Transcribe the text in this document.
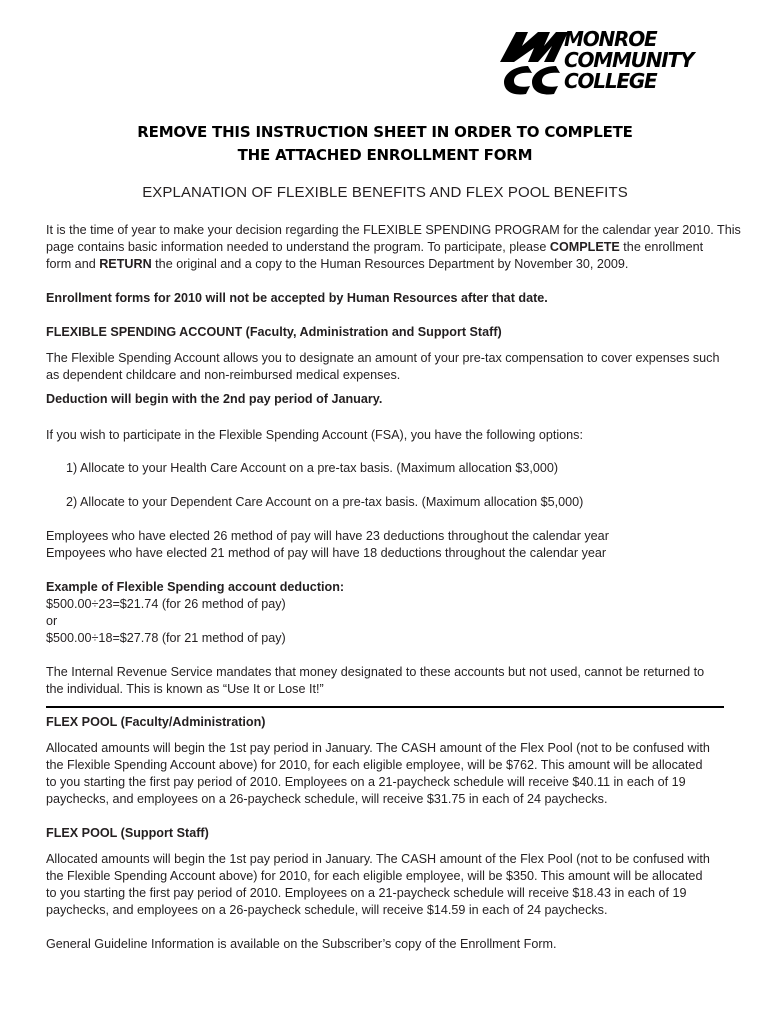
MONROE
COMMUNITY
COLLEGE
REMOVE THIS INSTRUCTION SHEET IN ORDER TO COMPLETE
THE ATTACHED ENROLLMENT FORM
EXPLANATION OF FLEXIBLE BENEFITS AND FLEX POOL BENEFITS
It is the time of year to make your decision regarding the FLEXIBLE SPENDING PROGRAM for the calendar year 2010. This
page contains basic information needed to understand the program. To participate, please COMPLETE the enrollment
form and RETURN the original and a copy to the Human Resources Department by November 30, 2009.
Enrollment forms for 2010 will not be accepted by Human Resources after that date.
FLEXIBLE SPENDING ACCOUNT (Faculty, Administration and Support Staff)
The Flexible Spending Account allows you to designate an amount of your pre-tax compensation to cover expenses such
as dependent childcare and non-reimbursed medical expenses.
Deduction will begin with the 2nd pay period of January.
If you wish to participate in the Flexible Spending Account (FSA), you have the following options:
1) Allocate to your Health Care Account on a pre-tax basis. (Maximum allocation $3,000)
2) Allocate to your Dependent Care Account on a pre-tax basis. (Maximum allocation $5,000)
Employees who have elected 26 method of pay will have 23 deductions throughout the calendar year
Empoyees who have elected 21 method of pay will have 18 deductions throughout the calendar year
Example of Flexible Spending account deduction:
$500.00÷23=$21.74 (for 26 method of pay)
or
$500.00÷18=$27.78 (for 21 method of pay)
The Internal Revenue Service mandates that money designated to these accounts but not used, cannot be returned to
the individual. This is known as “Use It or Lose It!”
FLEX POOL (Faculty/Administration)
Allocated amounts will begin the 1st pay period in January. The CASH amount of the Flex Pool (not to be confused with
the Flexible Spending Account above) for 2010, for each eligible employee, will be $762. This amount will be allocated
to you starting the first pay period of 2010. Employees on a 21-paycheck schedule will receive $40.11 in each of 19
paychecks, and employees on a 26-paycheck schedule, will receive $31.75 in each of 24 paychecks.
FLEX POOL (Support Staff)
Allocated amounts will begin the 1st pay period in January. The CASH amount of the Flex Pool (not to be confused with
the Flexible Spending Account above) for 2010, for each eligible employee, will be $350. This amount will be allocated
to you starting the first pay period of 2010. Employees on a 21-paycheck schedule will receive $18.43 in each of 19
paychecks, and employees on a 26-paycheck schedule, will receive $14.59 in each of 24 paychecks.
General Guideline Information is available on the Subscriber’s copy of the Enrollment Form.
